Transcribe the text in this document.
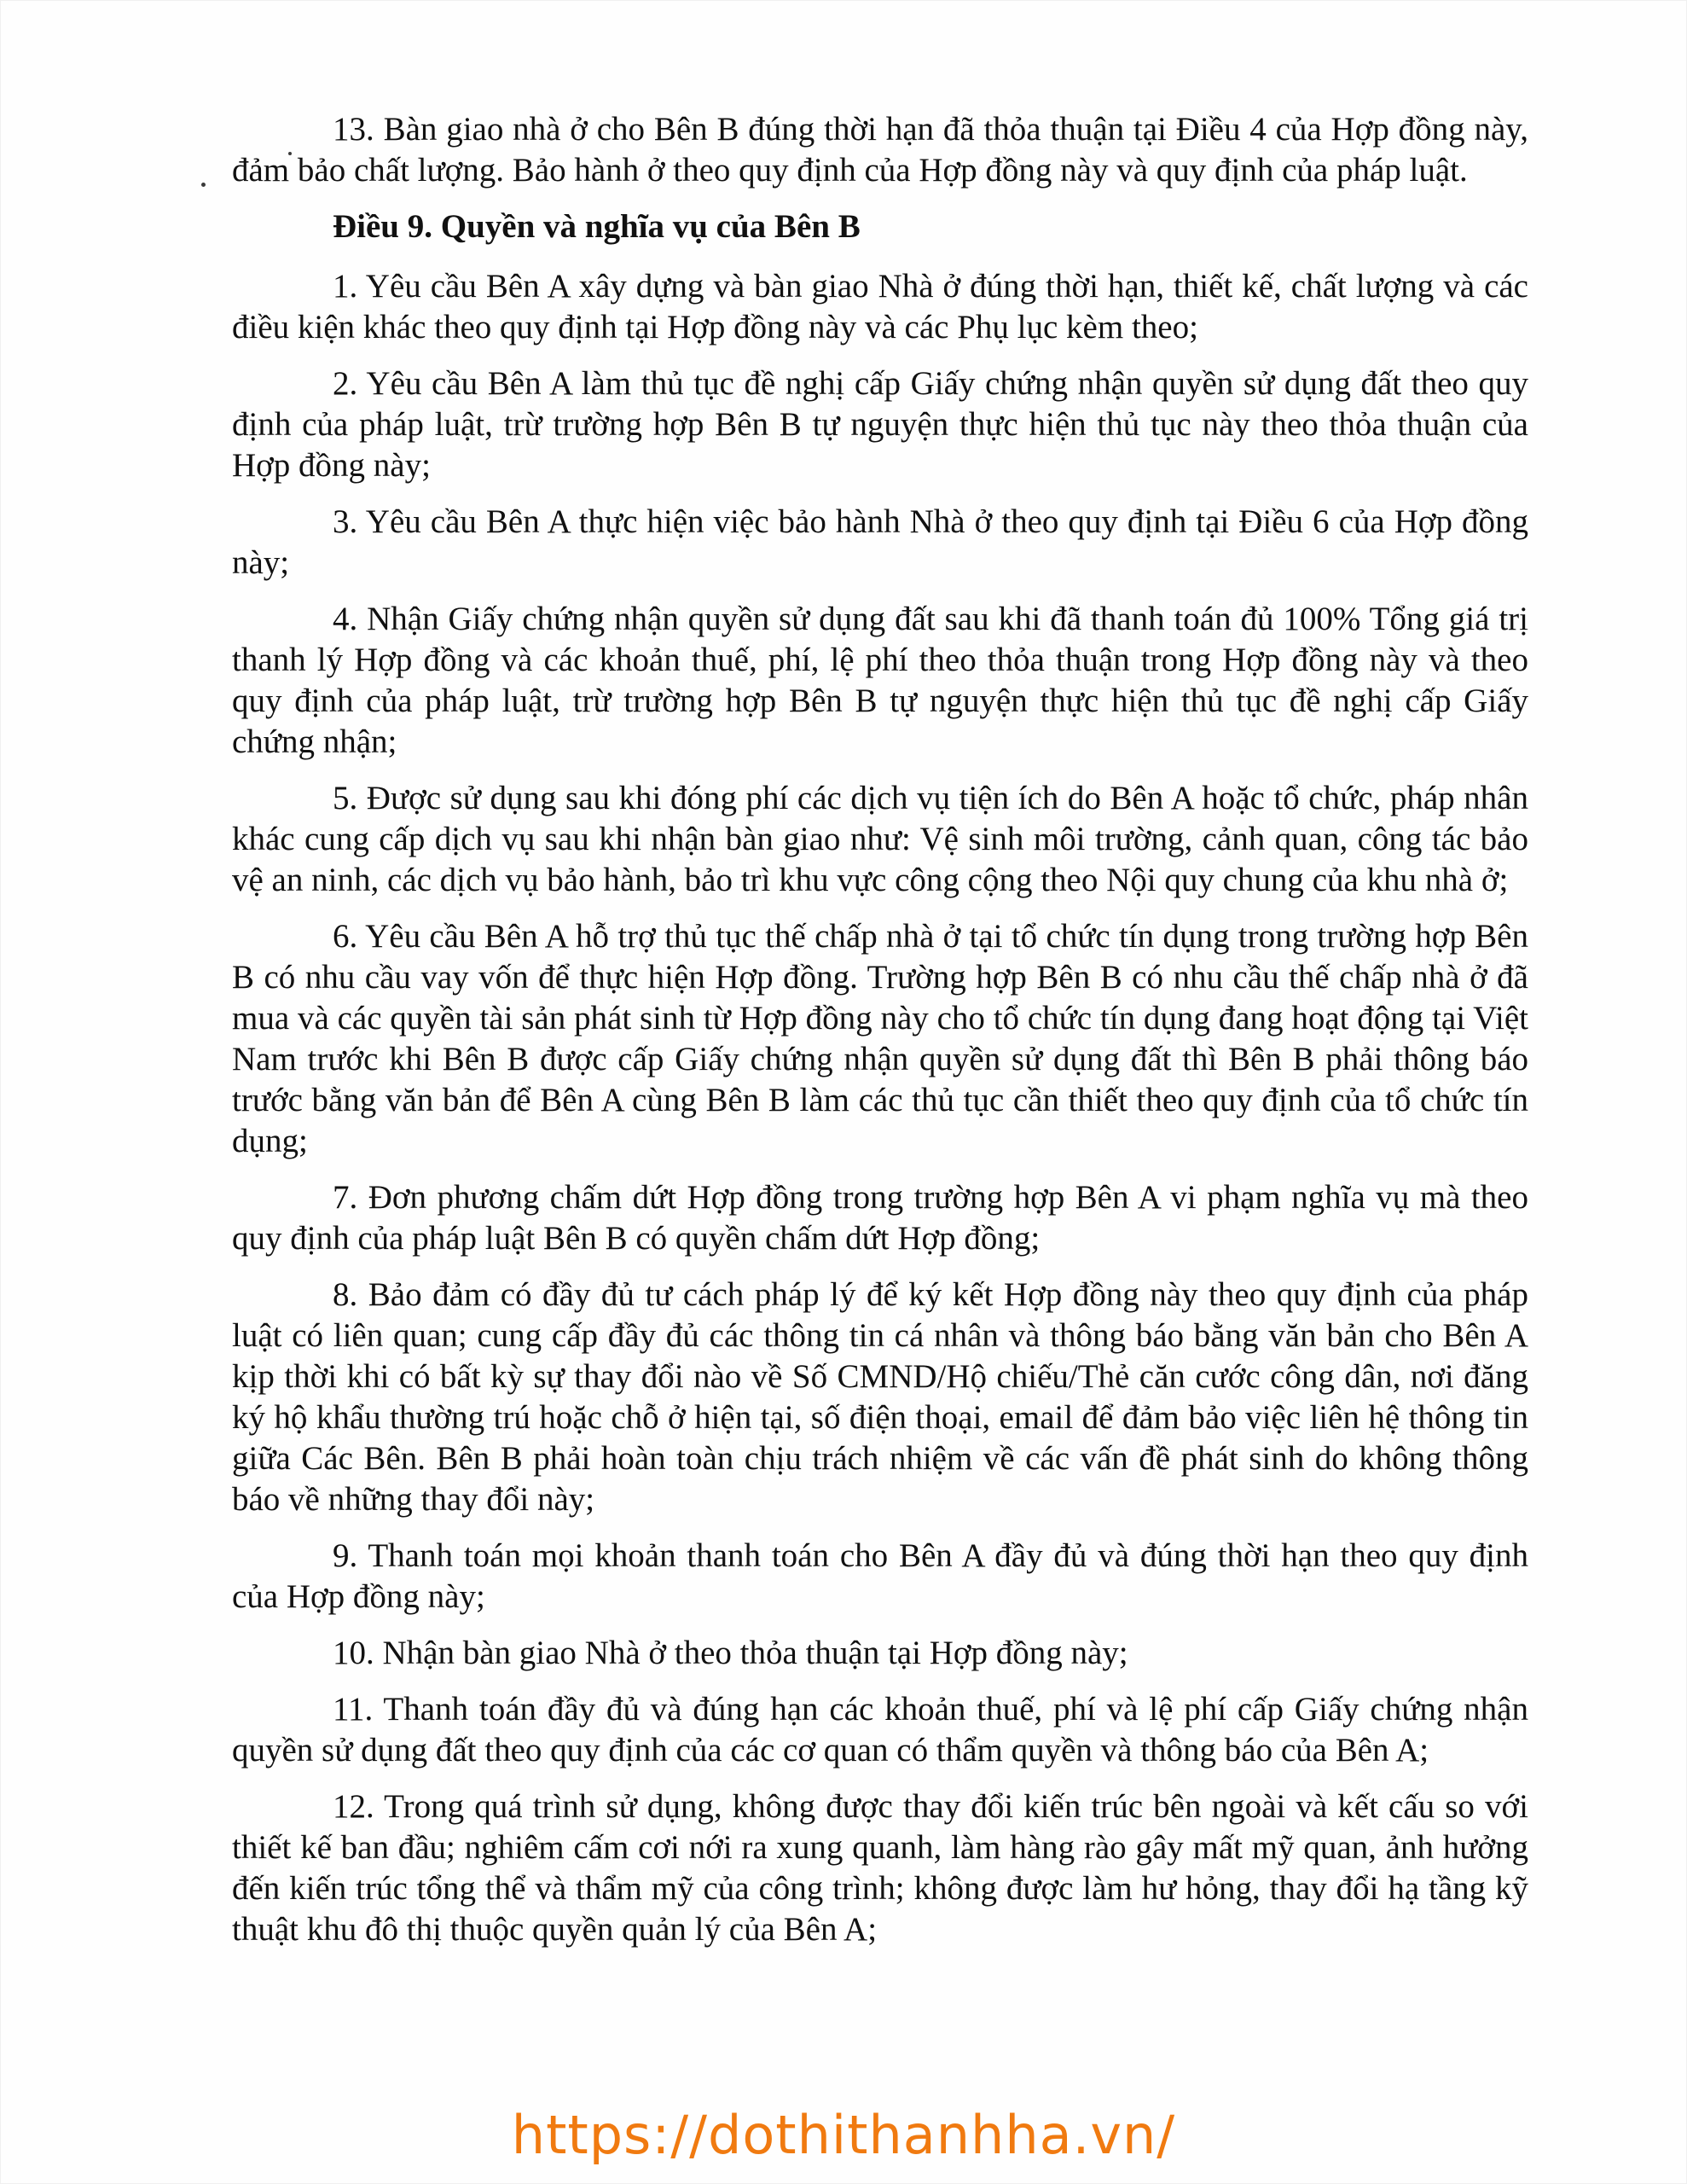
13. Bàn giao nhà ở cho Bên B đúng thời hạn đã thỏa thuận tại Điều 4 của Hợp đồng này, đảm bảo chất lượng. Bảo hành ở theo quy định của Hợp đồng này và quy định của pháp luật.

Điều 9. Quyền và nghĩa vụ của Bên B

1. Yêu cầu Bên A xây dựng và bàn giao Nhà ở đúng thời hạn, thiết kế, chất lượng và các điều kiện khác theo quy định tại Hợp đồng này và các Phụ lục kèm theo;

2. Yêu cầu Bên A làm thủ tục đề nghị cấp Giấy chứng nhận quyền sử dụng đất theo quy định của pháp luật, trừ trường hợp Bên B tự nguyện thực hiện thủ tục này theo thỏa thuận của Hợp đồng này;

3. Yêu cầu Bên A thực hiện việc bảo hành Nhà ở theo quy định tại Điều 6 của Hợp đồng này;

4. Nhận Giấy chứng nhận quyền sử dụng đất sau khi đã thanh toán đủ 100% Tổng giá trị thanh lý Hợp đồng và các khoản thuế, phí, lệ phí theo thỏa thuận trong Hợp đồng này và theo quy định của pháp luật, trừ trường hợp Bên B tự nguyện thực hiện thủ tục đề nghị cấp Giấy chứng nhận;

5. Được sử dụng sau khi đóng phí các dịch vụ tiện ích do Bên A hoặc tổ chức, pháp nhân khác cung cấp dịch vụ sau khi nhận bàn giao như: Vệ sinh môi trường, cảnh quan, công tác bảo vệ an ninh, các dịch vụ bảo hành, bảo trì khu vực công cộng theo Nội quy chung của khu nhà ở;

6. Yêu cầu Bên A hỗ trợ thủ tục thế chấp nhà ở tại tổ chức tín dụng trong trường hợp Bên B có nhu cầu vay vốn để thực hiện Hợp đồng. Trường hợp Bên B có nhu cầu thế chấp nhà ở đã mua và các quyền tài sản phát sinh từ Hợp đồng này cho tổ chức tín dụng đang hoạt động tại Việt Nam trước khi Bên B được cấp Giấy chứng nhận quyền sử dụng đất thì Bên B phải thông báo trước bằng văn bản để Bên A cùng Bên B làm các thủ tục cần thiết theo quy định của tổ chức tín dụng;

7. Đơn phương chấm dứt Hợp đồng trong trường hợp Bên A vi phạm nghĩa vụ mà theo quy định của pháp luật Bên B có quyền chấm dứt Hợp đồng;

8. Bảo đảm có đầy đủ tư cách pháp lý để ký kết Hợp đồng này theo quy định của pháp luật có liên quan; cung cấp đầy đủ các thông tin cá nhân và thông báo bằng văn bản cho Bên A kịp thời khi có bất kỳ sự thay đổi nào về Số CMND/Hộ chiếu/Thẻ căn cước công dân, nơi đăng ký hộ khẩu thường trú hoặc chỗ ở hiện tại, số điện thoại, email để đảm bảo việc liên hệ thông tin giữa Các Bên. Bên B phải hoàn toàn chịu trách nhiệm về các vấn đề phát sinh do không thông báo về những thay đổi này;

9. Thanh toán mọi khoản thanh toán cho Bên A đầy đủ và đúng thời hạn theo quy định của Hợp đồng này;

10. Nhận bàn giao Nhà ở theo thỏa thuận tại Hợp đồng này;

11. Thanh toán đầy đủ và đúng hạn các khoản thuế, phí và lệ phí cấp Giấy chứng nhận quyền sử dụng đất theo quy định của các cơ quan có thẩm quyền và thông báo của Bên A;

12. Trong quá trình sử dụng, không được thay đổi kiến trúc bên ngoài và kết cấu so với thiết kế ban đầu; nghiêm cấm cơi nới ra xung quanh, làm hàng rào gây mất mỹ quan, ảnh hưởng đến kiến trúc tổng thể và thẩm mỹ của công trình; không được làm hư hỏng, thay đổi hạ tầng kỹ thuật khu đô thị thuộc quyền quản lý của Bên A;

https://dothithanhha.vn/
